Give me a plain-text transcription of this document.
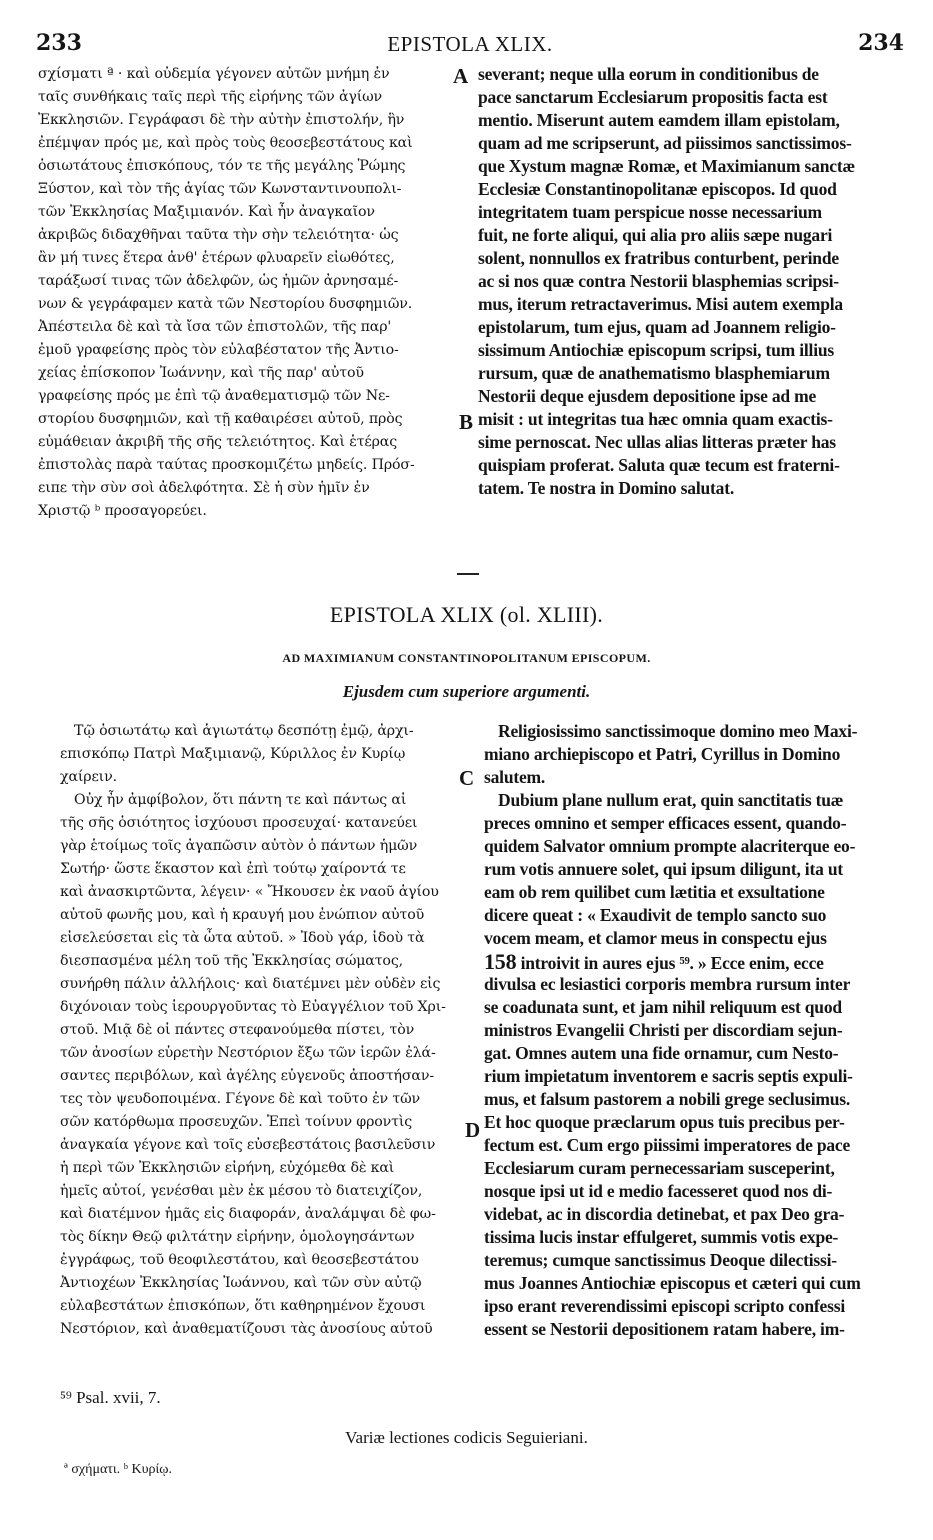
233	EPISTOLA XLIX.	234
σχίσματι ª · καὶ οὐδεμία γέγονεν αὐτῶν μνήμη ἐν
ταῖς συνθήκαις ταῖς περὶ τῆς εἰρήνης τῶν ἁγίων
Ἐκκλησιῶν. Γεγράφασι δὲ τὴν αὐτὴν ἐπιστολήν, ἣν
ἐπέμψαν πρός με, καὶ πρὸς τοὺς θεοσεβεστάτους καὶ
ὁσιωτάτους ἐπισκόπους, τόν τε τῆς μεγάλης Ῥώμης
Ξύστον, καὶ τὸν τῆς ἁγίας τῶν Κωνσταντινουπολι-
τῶν Ἐκκλησίας Μαξιμιανόν. Καὶ ἦν ἀναγκαῖον
ἀκριβῶς διδαχθῆναι ταῦτα τὴν σὴν τελειότητα· ὡς
ἂν μή τινες ἕτερα ἀνθ' ἑτέρων φλυαρεῖν εἰωθότες,
ταράξωσί τινας τῶν ἀδελφῶν, ὡς ἡμῶν ἀρνησαμέ-
νων & γεγράφαμεν κατὰ τῶν Νεστορίου δυσφημιῶν.
Ἀπέστειλα δὲ καὶ τὰ ἴσα τῶν ἐπιστολῶν, τῆς παρ'
ἐμοῦ γραφείσης πρὸς τὸν εὐλαβέστατον τῆς Ἀντιο-
χείας ἐπίσκοπον Ἰωάννην, καὶ τῆς παρ' αὐτοῦ
γραφείσης πρός με ἐπὶ τῷ ἀναθεματισμῷ τῶν Νε-
στορίου δυσφημιῶν, καὶ τῇ καθαιρέσει αὐτοῦ, πρὸς
εὐμάθειαν ἀκριβῆ τῆς σῆς τελειότητος. Καὶ ἑτέρας
ἐπιστολὰς παρὰ ταύτας προσκομιζέτω μηδείς. Πρόσ-
ειπε τὴν σὺν σοὶ ἀδελφότητα. Σὲ ἡ σὺν ἡμῖν ἐν
Χριστῷ ᵇ προσαγορεύει.
severant; neque ulla eorum in conditionibus de
pace sanctarum Ecclesiarum propositis facta est
mentio. Miserunt autem eamdem illam epistolam,
quam ad me scripserunt, ad piissimos sanctissimos-
que Xystum magnæ Romæ, et Maximianum sanctæ
Ecclesiæ Constantinopolitanæ episcopos. Id quod
integritatem tuam perspicue nosse necessarium
fuit, ne forte aliqui, qui alia pro aliis sæpe nugari
solent, nonnullos ex fratribus conturbent, perinde
ac si nos quæ contra Nestorii blasphemias scripsi-
mus, iterum retractaverimus. Misi autem exempla
epistolarum, tum ejus, quam ad Joannem religio-
sissimum Antiochiæ episcopum scripsi, tum illius
rursum, quæ de anathematismo blasphemiarum
Nestorii deque ejusdem depositione ipse ad me
misit : ut integritas tua hæc omnia quam exactis-
sime pernoscat. Nec ullas alias litteras præter has
quispiam proferat. Saluta quæ tecum est fraterni-
tatem. Te nostra in Domino salutat.
A
B
EPISTOLA XLIX (ol. XLIII).
AD MAXIMIANUM CONSTANTINOPOLITANUM EPISCOPUM.
Ejusdem cum superiore argumenti.
Τῷ ὁσιωτάτῳ καὶ ἁγιωτάτῳ δεσπότῃ ἐμῷ, ἀρχι-
επισκόπῳ Πατρὶ Μαξιμιανῷ, Κύριλλος ἐν Κυρίῳ
χαίρειν.
Οὐχ ἦν ἀμφίβολον, ὅτι πάντη τε καὶ πάντως αἱ
τῆς σῆς ὁσιότητος ἰσχύουσι προσευχαί· κατανεύει
γὰρ ἑτοίμως τοῖς ἀγαπῶσιν αὐτὸν ὁ πάντων ἡμῶν
Σωτήρ· ὥστε ἕκαστον καὶ ἐπὶ τούτῳ χαίροντά τε
καὶ ἀνασκιρτῶντα, λέγειν· « Ἤκουσεν ἐκ ναοῦ ἁγίου
αὐτοῦ φωνῆς μου, καὶ ἡ κραυγή μου ἐνώπιον αὐτοῦ
εἰσελεύσεται εἰς τὰ ὦτα αὐτοῦ. » Ἰδοὺ γάρ, ἰδοὺ τὰ
διεσπασμένα μέλη τοῦ τῆς Ἐκκλησίας σώματος,
συνήρθη πάλιν ἀλλήλοις· καὶ διατέμνει μὲν οὐδὲν εἰς
διχόνοιαν τοὺς ἱερουργοῦντας τὸ Εὐαγγέλιον τοῦ Χρι-
στοῦ. Μιᾷ δὲ οἱ πάντες στεφανούμεθα πίστει, τὸν
τῶν ἀνοσίων εὑρετὴν Νεστόριον ἔξω τῶν ἱερῶν ἐλά-
σαντες περιβόλων, καὶ ἀγέλης εὐγενοῦς ἀποστήσαν-
τες τὸν ψευδοποιμένα. Γέγονε δὲ καὶ τοῦτο ἐν τῶν
σῶν κατόρθωμα προσευχῶν. Ἐπεὶ τοίνυν φροντὶς
ἀναγκαία γέγονε καὶ τοῖς εὐσεβεστάτοις βασιλεῦσιν
ἡ περὶ τῶν Ἐκκλησιῶν εἰρήνη, εὐχόμεθα δὲ καὶ
ἡμεῖς αὐτοί, γενέσθαι μὲν ἐκ μέσου τὸ διατειχίζον,
καὶ διατέμνον ἡμᾶς εἰς διαφοράν, ἀναλάμψαι δὲ φω-
τὸς δίκην Θεῷ φιλτάτην εἰρήνην, ὁμολογησάντων
ἐγγράφως, τοῦ θεοφιλεστάτου, καὶ θεοσεβεστάτου
Ἀντιοχέων Ἐκκλησίας Ἰωάννου, καὶ τῶν σὺν αὐτῷ
εὐλαβεστάτων ἐπισκόπων, ὅτι καθηρημένον ἔχουσι
Νεστόριον, καὶ ἀναθεματίζουσι τὰς ἀνοσίους αὐτοῦ
Religiosissimo sanctissimoque domino meo Maxi-
miano archiepiscopo et Patri, Cyrillus in Domino
salutem.
Dubium plane nullum erat, quin sanctitatis tuæ
preces omnino et semper efficaces essent, quando-
quidem Salvator omnium prompte alacriterque eo-
rum votis annuere solet, qui ipsum diligunt, ita ut
eam ob rem quilibet cum lætitia et exsultatione
dicere queat : « Exaudivit de templo sancto suo
vocem meam, et clamor meus in conspectu ejus
158 introivit in aures ejus ⁵⁹. » Ecce enim, ecce
divulsa ec lesiastici corporis membra rursum inter
se coadunata sunt, et jam nihil reliquum est quod
ministros Evangelii Christi per discordiam sejun-
gat. Omnes autem una fide ornamur, cum Nesto-
rium impietatum inventorem e sacris septis expuli-
mus, et falsum pastorem a nobili grege seclusimus.
Et hoc quoque præclarum opus tuis precibus per-
fectum est. Cum ergo piissimi imperatores de pace
Ecclesiarum curam pernecessariam susceperint,
nosque ipsi ut id e medio facesseret quod nos di-
videbat, ac in discordia detinebat, et pax Deo gra-
tissima lucis instar effulgeret, summis votis expe-
teremus; cumque sanctissimus Deoque dilectissi-
mus Joannes Antiochiæ episcopus et cæteri qui cum
ipso erant reverendissimi episcopi scripto confessi
essent se Nestorii depositionem ratam habere, im-
C
D
⁵⁹ Psal. xvii, 7.
Variæ lectiones codicis Seguieriani.
ª σχήματι. ᵇ Κυρίῳ.
